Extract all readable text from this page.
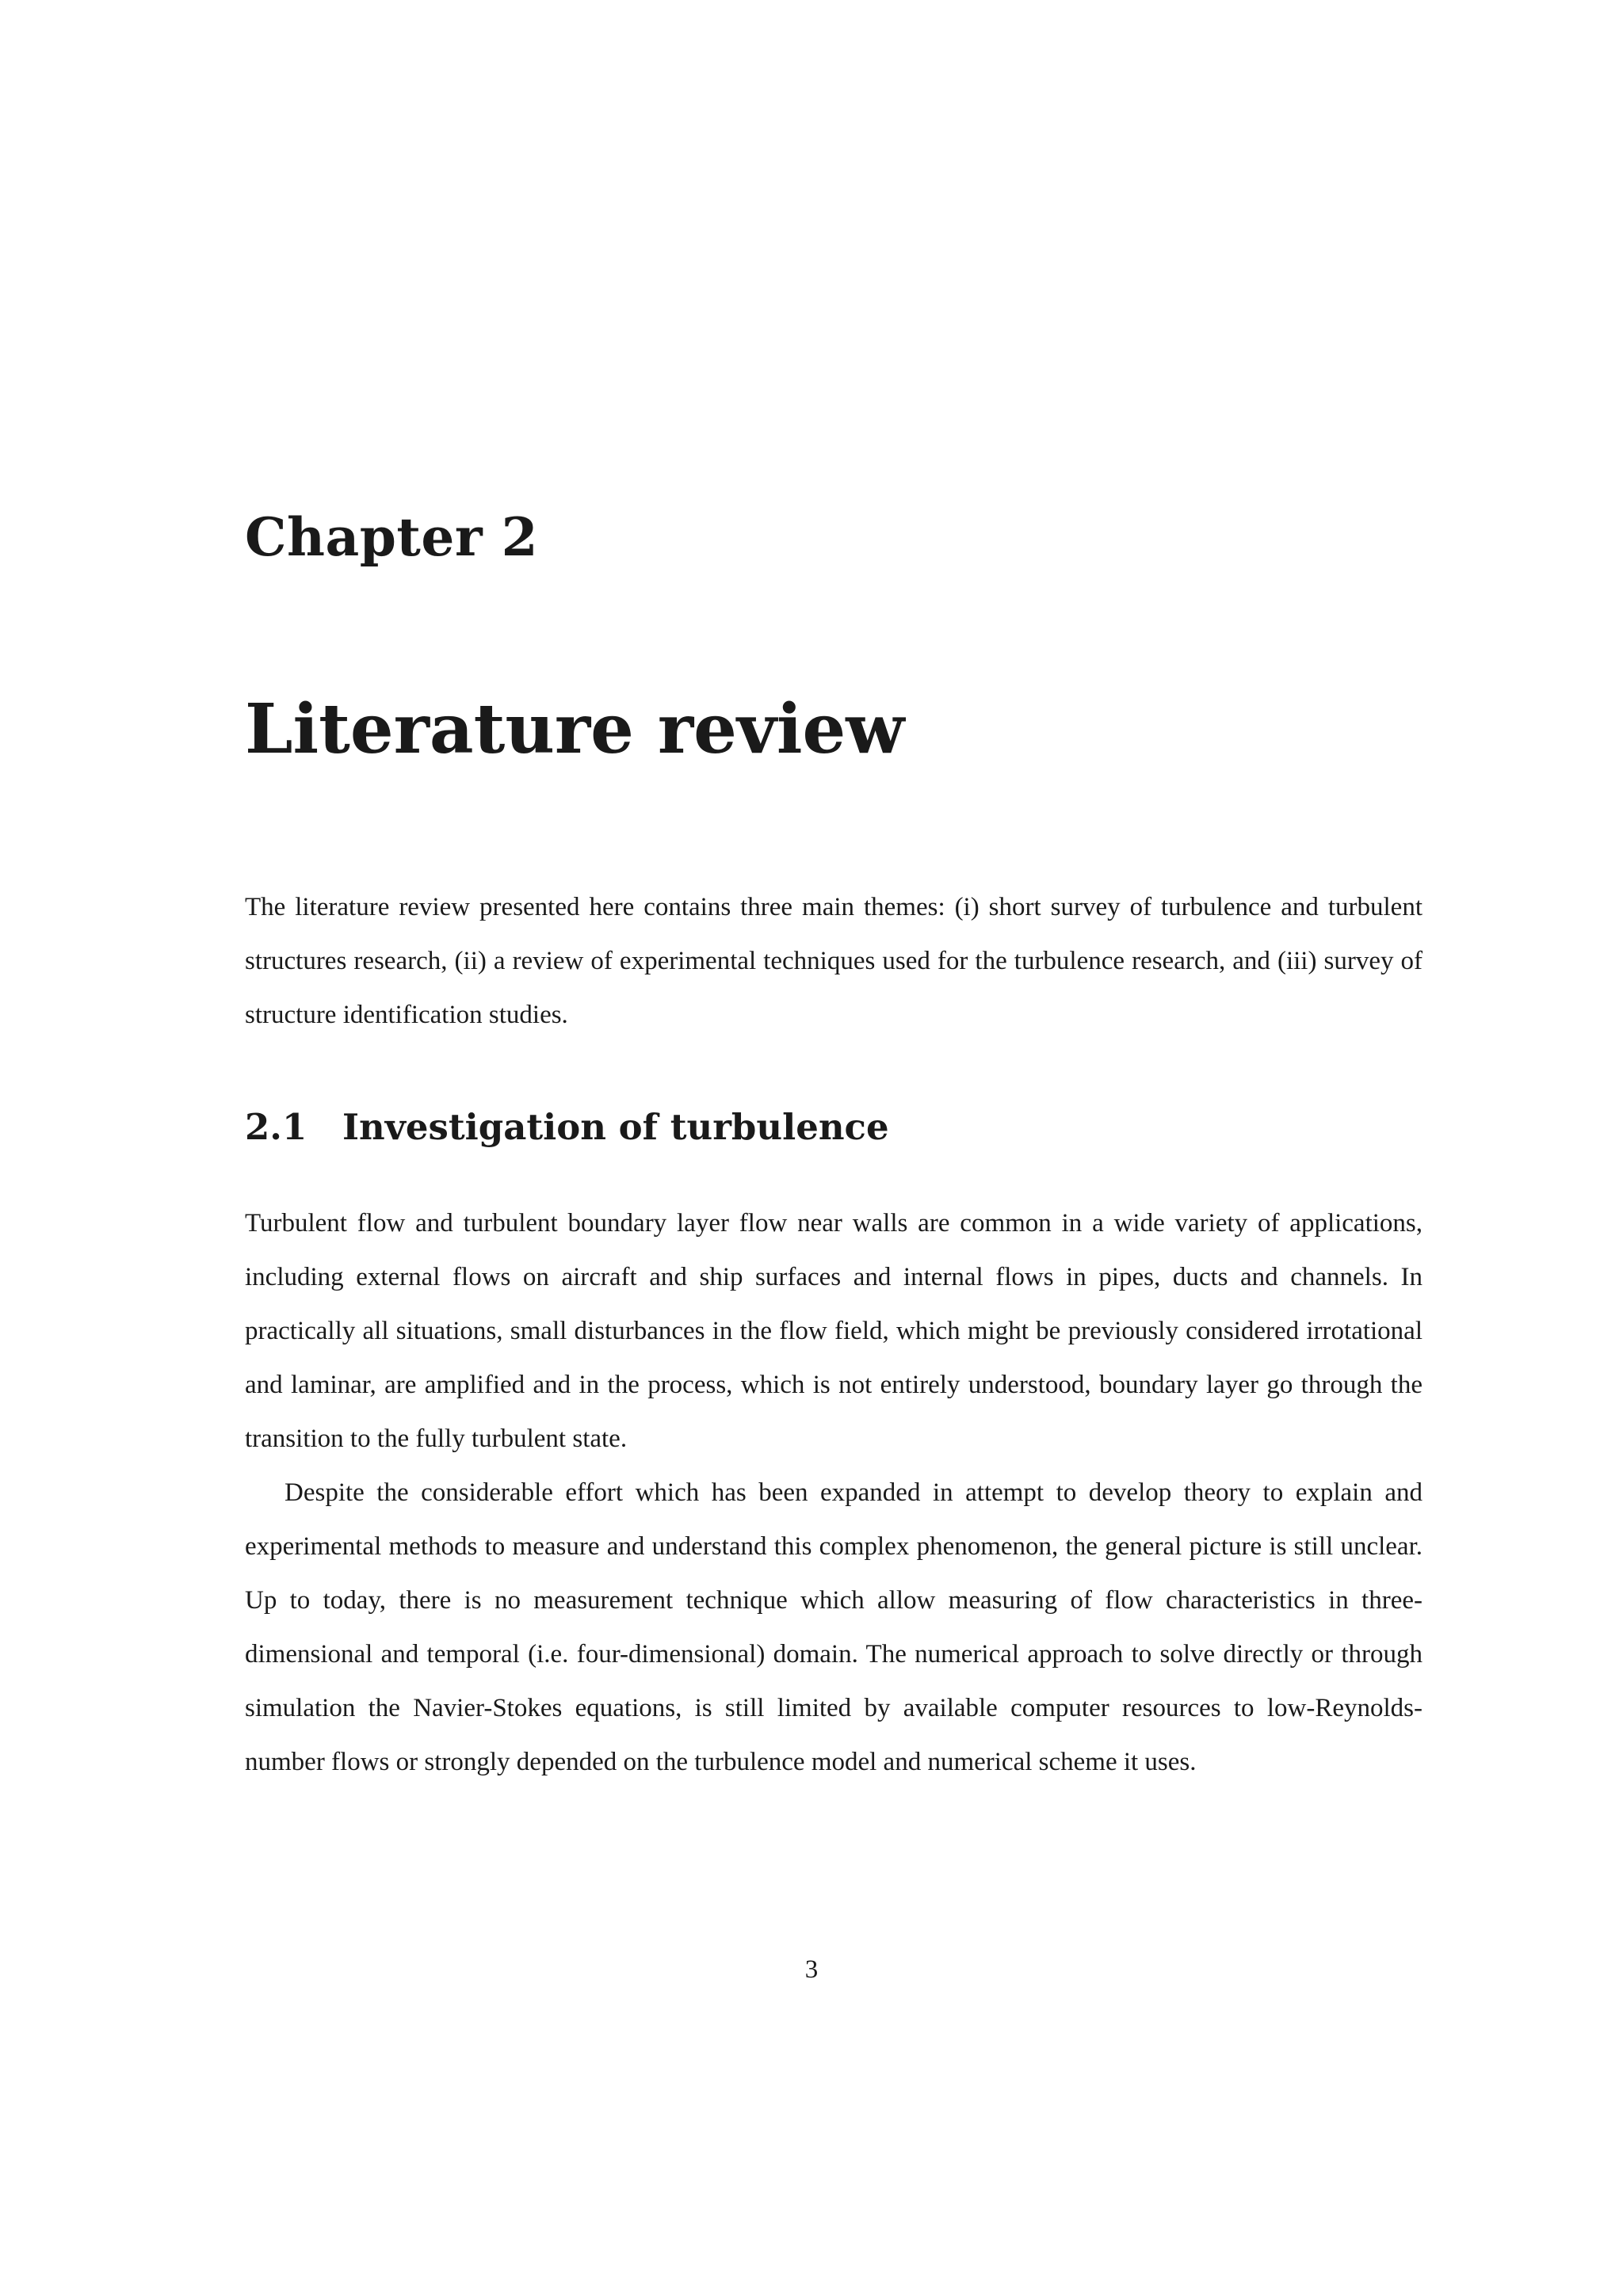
Chapter 2
Literature review

The literature review presented here contains three main themes: (i) short survey of turbulence and turbulent structures research, (ii) a review of experimental techniques used for the turbulence research, and (iii) survey of structure identification studies.

2.1 Investigation of turbulence

Turbulent flow and turbulent boundary layer flow near walls are common in a wide variety of applications, including external flows on aircraft and ship surfaces and internal flows in pipes, ducts and channels. In practically all situations, small disturbances in the flow field, which might be previously considered irrotational and laminar, are amplified and in the process, which is not entirely understood, boundary layer go through the transition to the fully turbulent state.

Despite the considerable effort which has been expanded in attempt to develop theory to explain and experimental methods to measure and understand this complex phenomenon, the general picture is still unclear. Up to today, there is no measurement technique which allow measuring of flow characteristics in three-dimensional and temporal (i.e. four-dimensional) domain. The numerical approach to solve directly or through simulation the Navier-Stokes equations, is still limited by available computer resources to low-Reynolds-number flows or strongly depended on the turbulence model and numerical scheme it uses.

3
